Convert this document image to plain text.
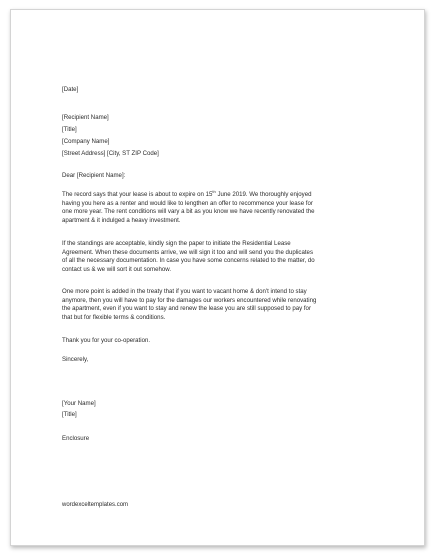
[Date]
[Recipient Name]
[Title]
[Company Name]
[Street Address] [City, ST ZIP Code]
Dear [Recipient Name]:

The record says that your lease is about to expire on 15th June 2019. We thoroughly enjoyed

having you here as a renter and would like to lengthen an offer to recommence your lease for

one more year. The rent conditions will vary a bit as you know we have recently renovated the

apartment & it indulged a heavy investment.

If the standings are acceptable, kindly sign the paper to initiate the Residential Lease

Agreement. When these documents arrive, we will sign it too and will send you the duplicates

of all the necessary documentation. In case you have some concerns related to the matter, do

contact us & we will sort it out somehow.

One more point is added in the treaty that if you want to vacant home & don't intend to stay

anymore, then you will have to pay for the damages our workers encountered while renovating

the apartment, even if you want to stay and renew the lease you are still supposed to pay for

that but for flexible terms & conditions.

Thank you for your co-operation.
Sincerely,
[Your Name]
[Title]
Enclosure
wordexceltemplates.com
